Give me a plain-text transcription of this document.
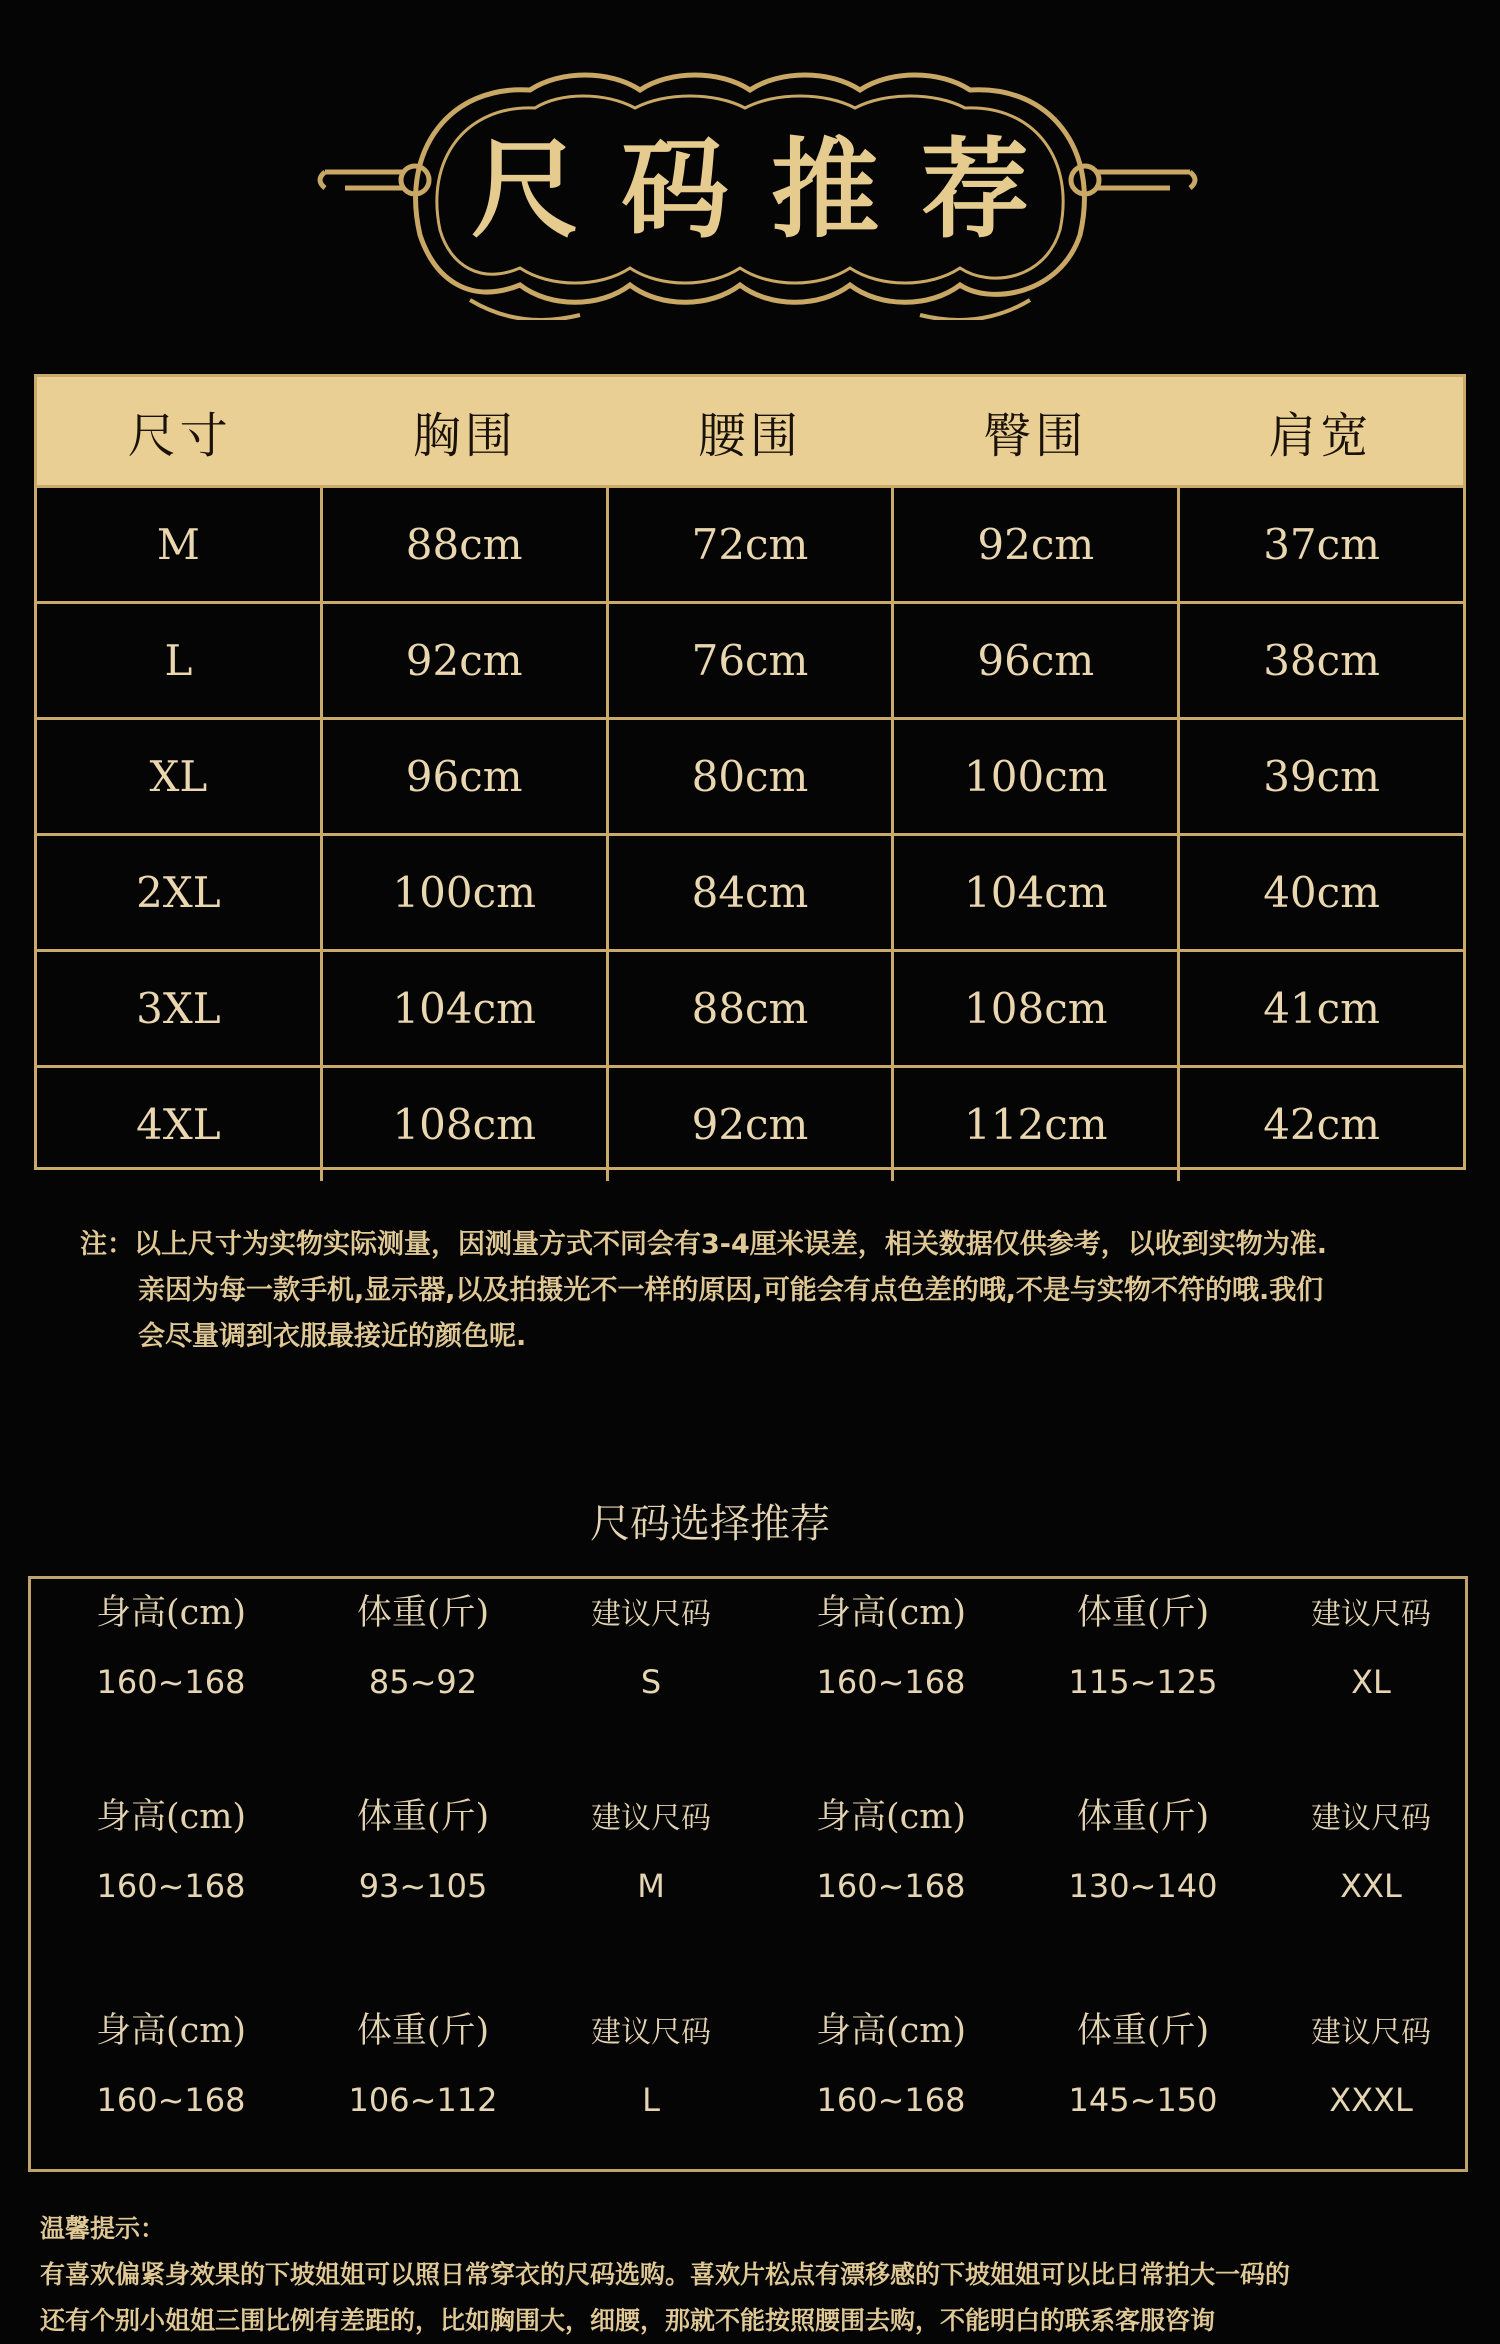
尺 码 推 荐
尺寸	胸围	腰围	臀围	肩宽
M	88cm	72cm	92cm	37cm
L	92cm	76cm	96cm	38cm
XL	96cm	80cm	100cm	39cm
2XL	100cm	84cm	104cm	40cm
3XL	104cm	88cm	108cm	41cm
4XL	108cm	92cm	112cm	42cm

注：以上尺寸为实物实际测量，因测量方式不同会有3-4厘米误差，相关数据仅供参考，以收到实物为准.

亲因为每一款手机,显示器,以及拍摄光不一样的原因,可能会有点色差的哦,不是与实物不符的哦.我们

会尽量调到衣服最接近的颜色呢.

尺码选择推荐
身高(cm)	体重(斤)	建议尺码	身高(cm)	体重(斤)	建议尺码
160~168	85~92	S	160~168	115~125	XL
身高(cm)	体重(斤)	建议尺码	身高(cm)	体重(斤)	建议尺码
160~168	93~105	M	160~168	130~140	XXL
身高(cm)	体重(斤)	建议尺码	身高(cm)	体重(斤)	建议尺码
160~168	106~112	L	160~168	145~150	XXXL

温馨提示：

有喜欢偏紧身效果的下坡姐姐可以照日常穿衣的尺码选购。喜欢片松点有漂移感的下坡姐姐可以比日常拍大一码的

还有个别小姐姐三围比例有差距的，比如胸围大，细腰，那就不能按照腰围去购，不能明白的联系客服咨询
